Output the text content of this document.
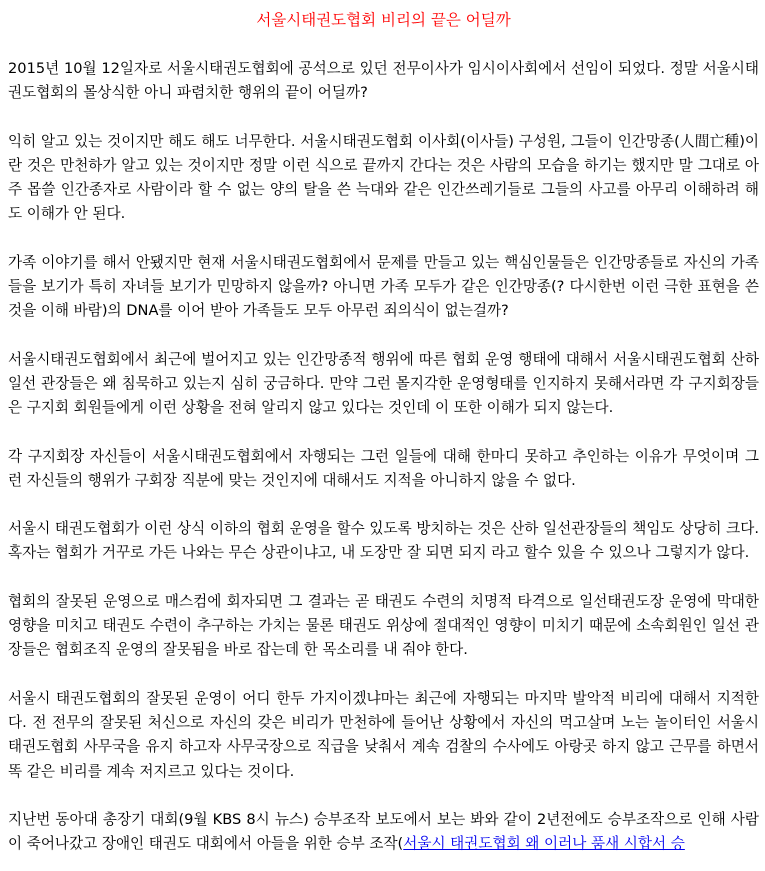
서울시태권도협회 비리의 끝은 어딜까

2015년 10월 12일자로 서울시태권도협회에 공석으로 있던 전무이사가 임시이사회에서 선임이 되었다. 정말 서울시태권도협회의 몰상식한 아니 파렴치한 행위의 끝이 어딜까?

익히 알고 있는 것이지만 해도 해도 너무한다. 서울시태권도협회 이사회(이사들) 구성원, 그들이 인간망종(人間亡種)이란 것은 만천하가 알고 있는 것이지만 정말 이런 식으로 끝까지 간다는 것은 사람의 모습을 하기는 했지만 말 그대로 아주 몹쓸 인간종자로 사람이라 할 수 없는 양의 탈을 쓴 늑대와 같은 인간쓰레기들로 그들의 사고를 아무리 이해하려 해도 이해가 안 된다.

가족 이야기를 해서 안됐지만 현재 서울시태권도협회에서 문제를 만들고 있는 핵심인물들은 인간망종들로 자신의 가족들을 보기가 특히 자녀들 보기가 민망하지 않을까? 아니면 가족 모두가 같은 인간망종(? 다시한번 이런 극한 표현을 쓴 것을 이해 바람)의 DNA를 이어 받아 가족들도 모두 아무런 죄의식이 없는걸까?

서울시태권도협회에서 최근에 벌어지고 있는 인간망종적 행위에 따른 협회 운영 행태에 대해서 서울시태권도협회 산하 일선 관장들은 왜 침묵하고 있는지 심히 궁금하다. 만약 그런 몰지각한 운영형태를 인지하지 못해서라면 각 구지회장들은 구지회 회원들에게 이런 상황을 전혀 알리지 않고 있다는 것인데 이 또한 이해가 되지 않는다.

각 구지회장 자신들이 서울시태권도협회에서 자행되는 그런 일들에 대해 한마디 못하고 추인하는 이유가 무엇이며 그런 자신들의 행위가 구회장 직분에 맞는 것인지에 대해서도 지적을 아니하지 않을 수 없다.

서울시 태권도협회가 이런 상식 이하의 협회 운영을 할수 있도록 방치하는 것은 산하 일선관장들의 책임도 상당히 크다. 혹자는 협회가 거꾸로 가든 나와는 무슨 상관이냐고, 내 도장만 잘 되면 되지 라고 할수 있을 수 있으나 그렇지가 않다.

협회의 잘못된 운영으로 매스컴에 회자되면 그 결과는 곧 태권도 수련의 치명적 타격으로 일선태권도장 운영에 막대한 영향을 미치고 태권도 수련이 추구하는 가치는 물론 태권도 위상에 절대적인 영향이 미치기 때문에 소속회원인 일선 관장들은 협회조직 운영의 잘못됨을 바로 잡는데 한 목소리를 내 줘야 한다.

서울시 태권도협회의 잘못된 운영이 어디 한두 가지이겠냐마는 최근에 자행되는 마지막 발악적 비리에 대해서 지적한다. 전 전무의 잘못된 처신으로 자신의 갖은 비리가 만천하에 들어난 상황에서 자신의 먹고살며 노는 놀이터인 서울시 태권도협회 사무국을 유지 하고자 사무국장으로 직급을 낮춰서 계속 검찰의 수사에도 아랑곳 하지 않고 근무를 하면서 똑 같은 비리를 계속 저지르고 있다는 것이다.

지난번 동아대 총장기 대회(9월 KBS 8시 뉴스) 승부조작 보도에서 보는 봐와 같이 2년전에도 승부조작으로 인해 사람이 죽어나갔고 장애인 태권도 대회에서 아들을 위한 승부 조작(서울시 태권도협회 왜 이러나 품새 시합서 승
